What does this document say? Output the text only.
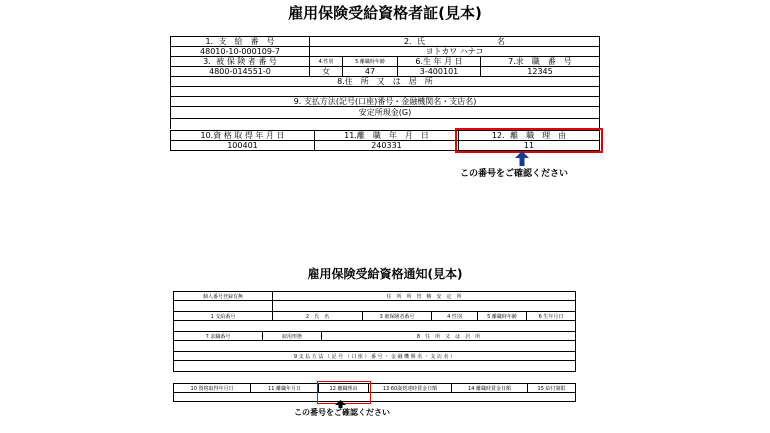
雇用保険受給資格者証(見本)
1．支　給　番　号	2．氏　　　　　　　　　名
48010-10-000109-7	ヨトカワ ハナコ
3．被 保 険 者 番 号	4.性別	5.離職時年齢	6.生 年 月 日	7.求　職　番　号
4800-014551-0	女	47	3-400101	12345
8.住　所　又　は　居　所
9. 支払方法(記号(口座)番号・金融機関名・支店名)
安定所現金(G)
10.資 格 取 得 年 月 日	11.離　職　年　月　日	12．離　職　理　由
100401	240331	11
この番号をご確認ください
雇用保険受給資格通知(見本)
個人番号登録有無	住　所　所　管　轄　安　定　所
1 支給番号	2　氏　名	3 被保険者番号	4 性別	5 離職時年齢	6 生年月日
7 求職番号	雇用形態	8　住　所　又　は　居　所
9 支 払 方 法 （ 記 号 （ 口 座 ） 番 号 ・ 金 融 機 関 名 ・ 支 店 名 ）
10 資格取得年月日	11 離職年月日	12 離職理由	13 60歳到達時賃金日額	14 離職時賃金日額	15 給付制限
この番号をご確認ください
